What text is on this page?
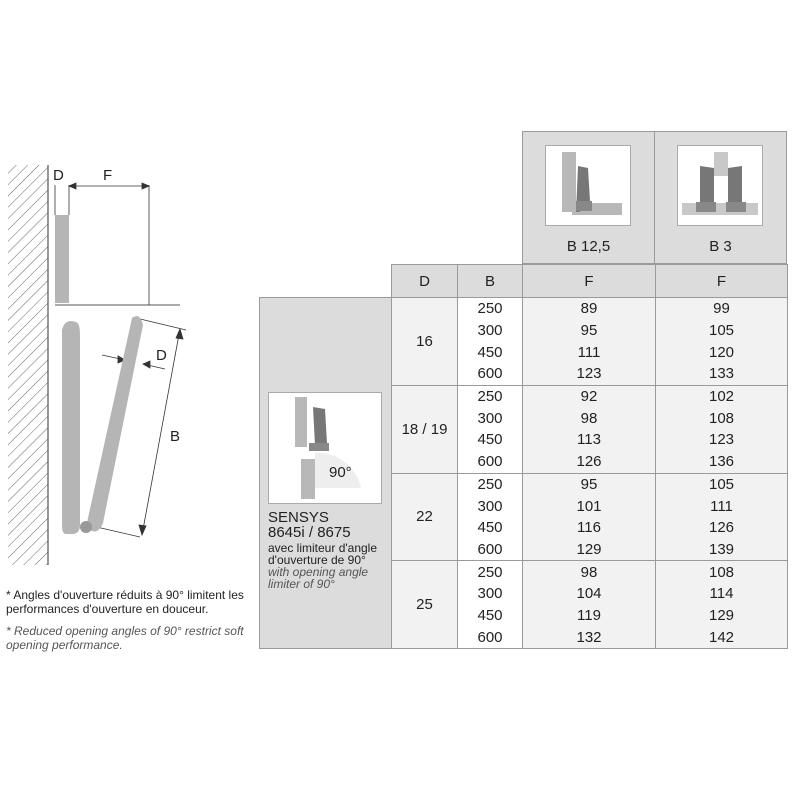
D	F
D
B
* Angles d'ouverture réduits à 90° limitent les performances d'ouverture en douceur.
* Reduced opening angles of 90° restrict soft opening performance.
B 12,5	B 3
	D	B	F	F
	16	250	89	99
		300	95	105
		450	111	120
		600	123	133
	18 / 19	250	92	102
		300	98	108
		450	113	123
		600	126	136
	22	250	95	105
		300	101	111
		450	116	126
		600	129	139
	25	250	98	108
		300	104	114
		450	119	129
		600	132	142
90°
SENSYS
8645i / 8675
avec limiteur d'angle d'ouverture de 90°
with opening angle limiter of 90°
